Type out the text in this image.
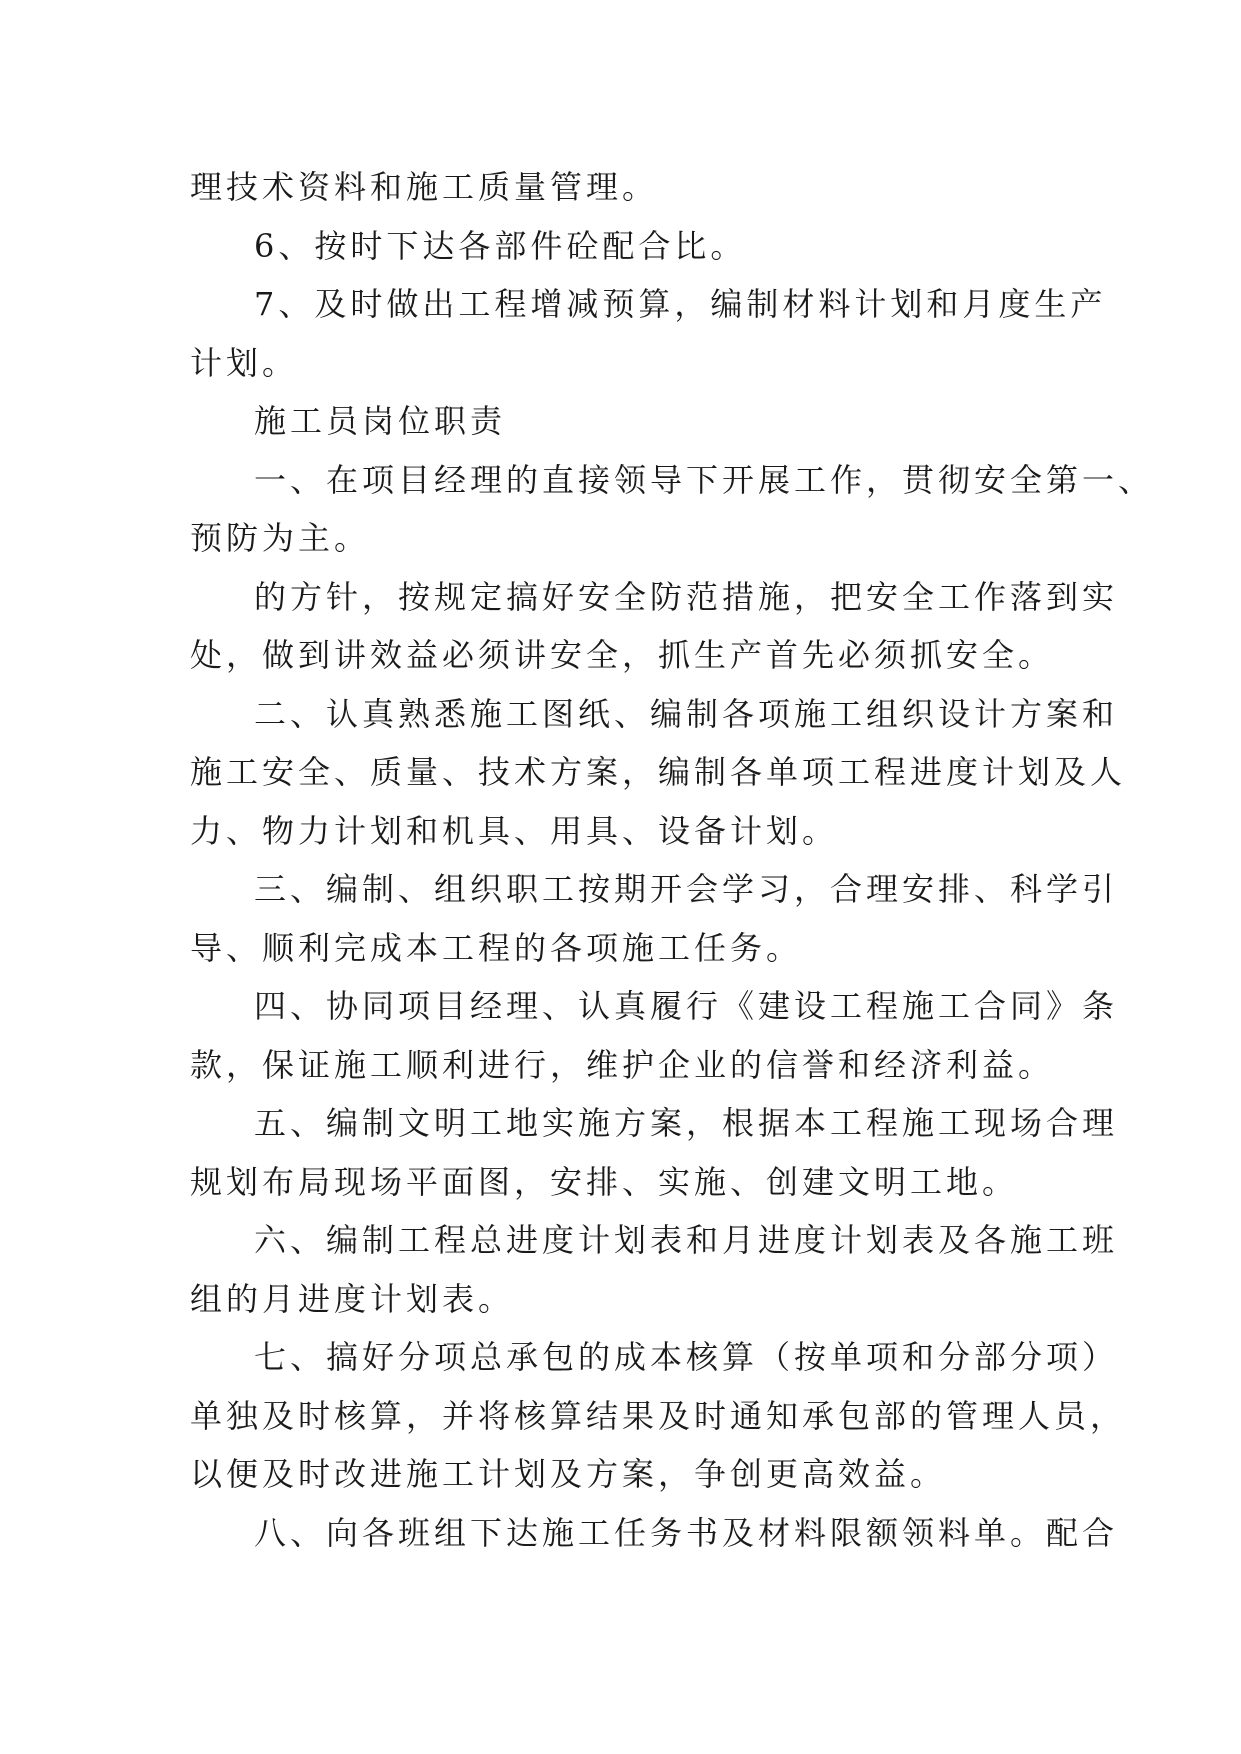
理技术资料和施工质量管理。
6、按时下达各部件砼配合比。
7、及时做出工程增减预算，编制材料计划和月度生产
计划。
施工员岗位职责
一、在项目经理的直接领导下开展工作，贯彻安全第一、
预防为主。
的方针，按规定搞好安全防范措施，把安全工作落到实
处，做到讲效益必须讲安全，抓生产首先必须抓安全。
二、认真熟悉施工图纸、编制各项施工组织设计方案和
施工安全、质量、技术方案，编制各单项工程进度计划及人
力、物力计划和机具、用具、设备计划。
三、编制、组织职工按期开会学习，合理安排、科学引
导、顺利完成本工程的各项施工任务。
四、协同项目经理、认真履行《建设工程施工合同》条
款，保证施工顺利进行，维护企业的信誉和经济利益。
五、编制文明工地实施方案，根据本工程施工现场合理
规划布局现场平面图，安排、实施、创建文明工地。
六、编制工程总进度计划表和月进度计划表及各施工班
组的月进度计划表。
七、搞好分项总承包的成本核算（按单项和分部分项）
单独及时核算，并将核算结果及时通知承包部的管理人员，
以便及时改进施工计划及方案，争创更高效益。
八、向各班组下达施工任务书及材料限额领料单。配合
